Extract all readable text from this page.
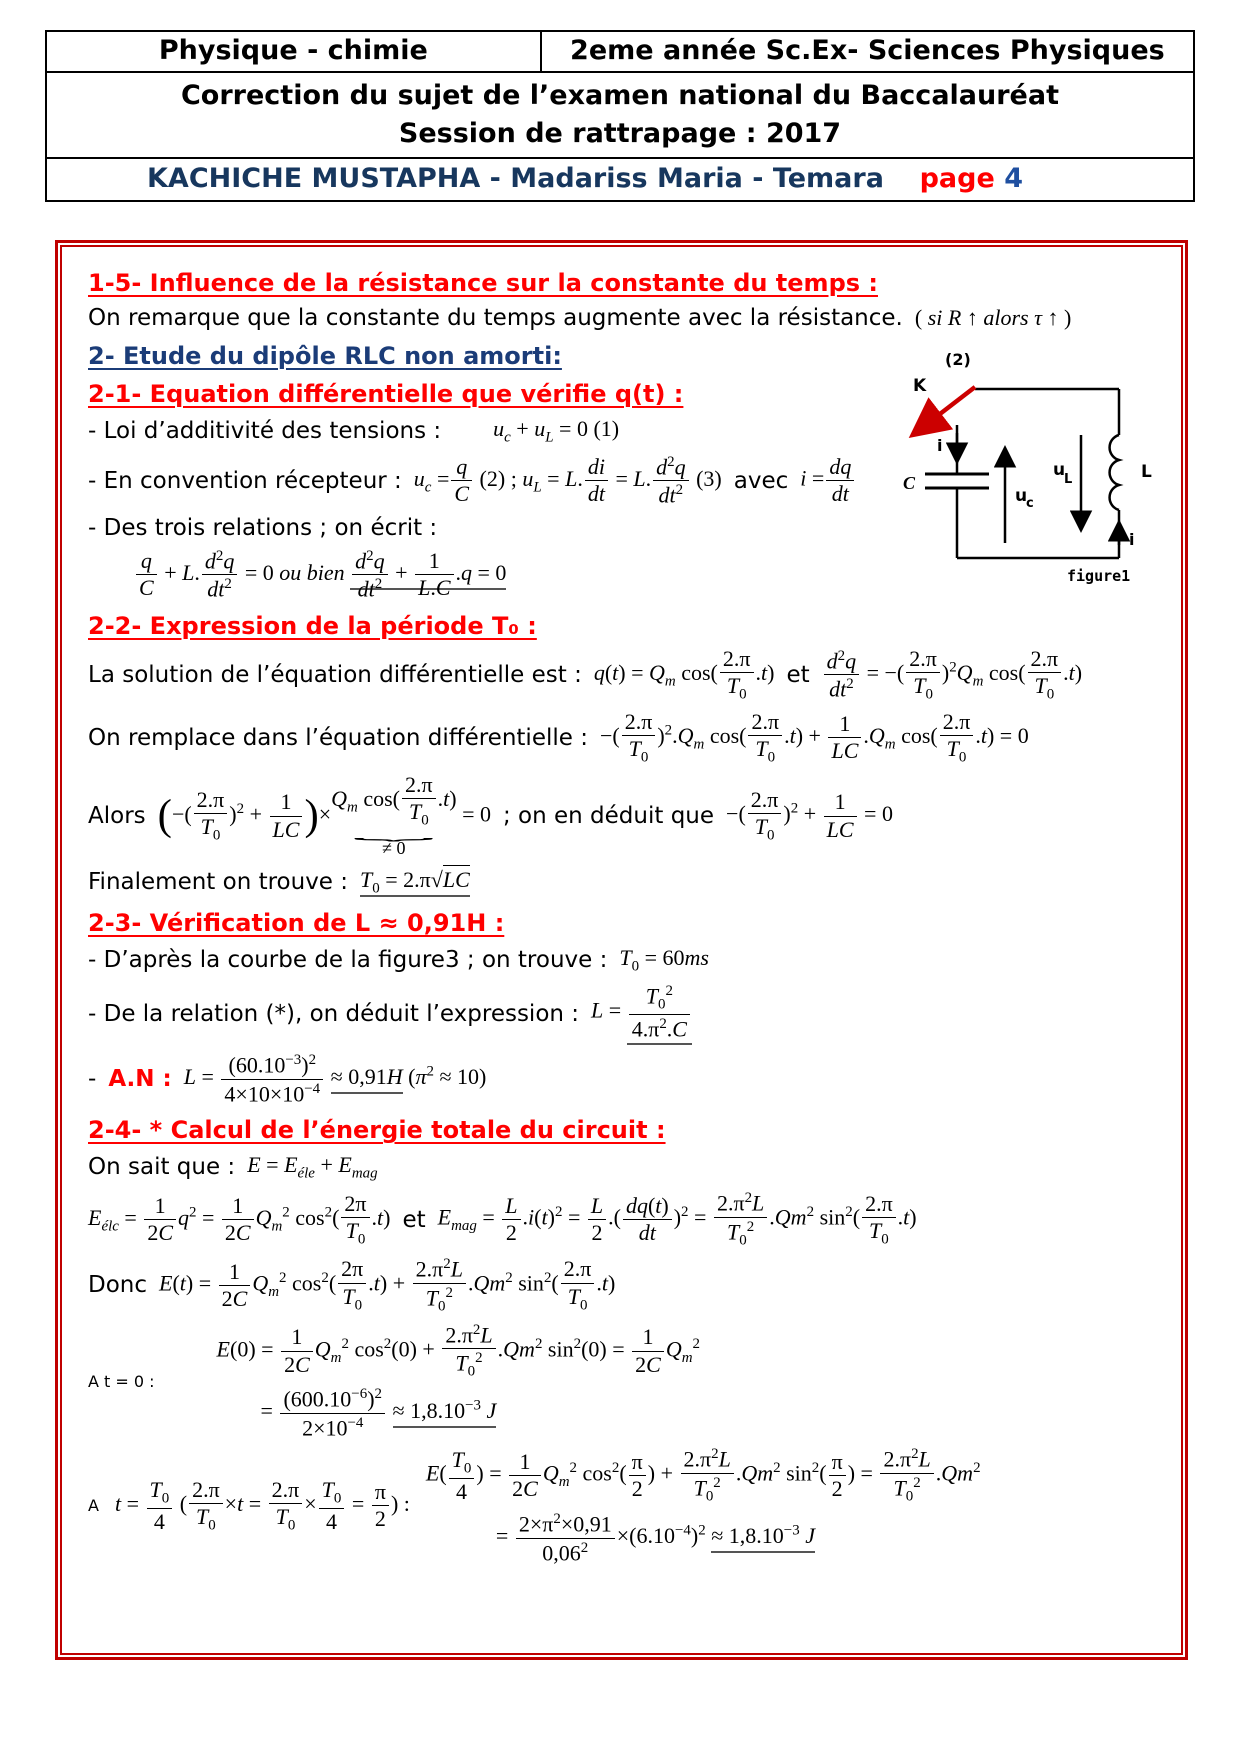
Physique - chimie	2eme année Sc.Ex- Sciences Physiques
Correction du sujet de l’examen national du Baccalauréat
Session de rattrapage : 2017
KACHICHE MUSTAPHA - Madariss Maria - Temara page 4
1-5- Influence de la résistance sur la constante du temps :
On remarque que la constante du temps augmente avec la résistance. ( si R ↑ alors τ ↑ )
2- Etude du dipôle RLC non amorti:
2-1- Equation différentielle que vérifie q(t) :
- Loi d’additivité des tensions : $u_c + u_L = 0$ (1)
- En convention récepteur : $u_c = \frac{q}{C} (2)$ ; $u_L = L$. $\frac{di}{dt} = L$. $\frac{d^2q}{dt^2} (3)$ avec $i = \frac{dq}{dt}$
- Des trois relations ; on écrit :
$\frac{q}{C} + L$. $\frac{d^2q}{dt^2} = 0$ ou bien $\frac{d^2q}{dt^2} + \frac{1}{L.C} .q = 0$
2-2- Expression de la période T₀ :
La solution de l’équation différentielle est : $q(t) = Q_m$ $\cos( \frac{2.\pi}{T_0} .t)$ et $\frac{d^2q}{dt^2}$ = −( $\frac{2.\pi}{T_0} )^2Q_m$ $\cos( \frac{2.\pi}{T_0} .t)$
On remplace dans l’équation différentielle : −( $\frac{2.\pi}{T_0} )^2.Q_m$ $\cos( \frac{2.\pi}{T_0} .t) + \frac{1}{LC} .Q_m$ $\cos( \frac{2.\pi}{T_0} .t) = 0$
Alors (−( $\frac{2.\pi}{T_0} )^2 + \frac{1}{LC}$ )×
$Q_m$ $\cos( \frac{2.\pi}{T_0} .t)$
⏟
≠ 0
= 0 ; on en déduit que −( $\frac{2.\pi}{T_0} )^2 + \frac{1}{LC} = 0$
Finalement on trouve : $T_0 = 2.\pi√LC$
2-3- Vérification de L ≈ 0,91H :
- D’après la courbe de la figure3 ; on trouve : $T_0 = 60ms$
- De la relation (*), on déduit l’expression : $L = \frac{T_0^2}{4.\pi^2.C}$
- A.N : $L = \frac{(60.10^{-3})^2}{4\times 10\times 10^{-4}} \approx 0,91H$ $(\pi^2 \approx 10)$
2-4- * Calcul de l’énergie totale du circuit :
On sait que : $E = E_{éle} + E_{mag}$
$E_{élc} = \frac{1}{2C} q^2 = \frac{1}{2C} Q_m^2$ $\cos^2( \frac{2\pi}{T_0} .t)$ et $E_{mag} = \frac{L}{2} .i(t)^2 = \frac{L}{2}$ .( $\frac{dq(t)}{dt} )^2 = \frac{2.\pi^2L}{T_0^2} .Qm^2$ $\sin^2( \frac{2.\pi}{T_0} .t)$
Donc $E(t) = \frac{1}{2C} Q_m^2$ $\cos^2( \frac{2\pi}{T_0} .t) + \frac{2.\pi^2L}{T_0^2} .Qm^2$ $\sin^2( \frac{2.\pi}{T_0} .t)$
A t = 0 :
$E(0) = \frac{1}{2C} Q_m^2$ $\cos^2(0) + \frac{2.\pi^2L}{T_0^2} .Qm^2$ $\sin^2(0) = \frac{1}{2C} Q_m^2$
= $\frac{(600.10^{-6})^2}{2\times 10^{-4}} \approx 1,8.10^{-3}$ J
A $t = \frac{T_0}{4}$ ( $\frac{2.\pi}{T_0} \times t = \frac{2.\pi}{T_0} \times \frac{T_0}{4} = \frac{\pi}{2}$ ) :
$E( \frac{T_0}{4}$ ) = $\frac{1}{2C} Q_m^2$ $\cos^2( \frac{\pi}{2}$ ) + $\frac{2.\pi^2L}{T_0^2} .Qm^2$ $\sin^2( \frac{\pi}{2}$ ) = $\frac{2.\pi^2L}{T_0^2} .Qm^2$
= $\frac{2\times\pi^2\times 0,91}{0,06^2} \times(6.10^{-4})^2 \approx 1,8.10^{-3}$ J
(2)
K
i
C
u
c
u
L	L
i
figure1
